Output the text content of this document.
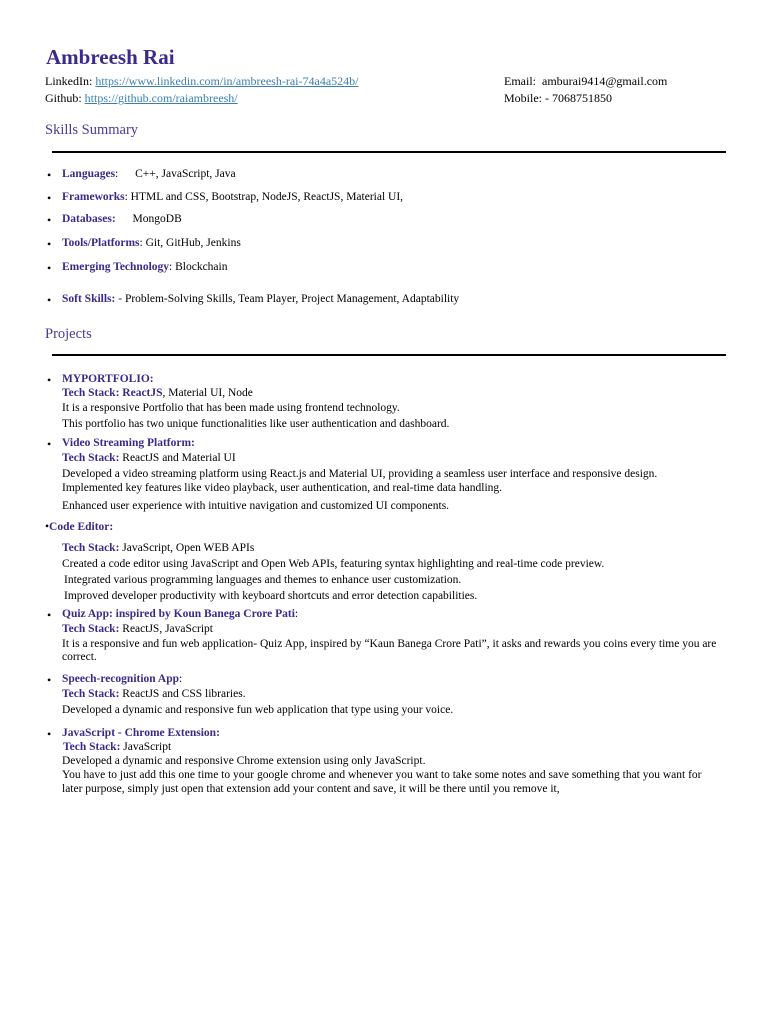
Ambreesh Rai
LinkedIn: https://www.linkedin.com/in/ambreesh-rai-74a4a524b/
Github: https://github.com/raiambreesh/
Email: amburai9414@gmail.com
Mobile: - 7068751850
Skills Summary
• Languages: C++, JavaScript, Java
• Frameworks: HTML and CSS, Bootstrap, NodeJS, ReactJS, Material UI,
• Databases: MongoDB
• Tools/Platforms: Git, GitHub, Jenkins
• Emerging Technology: Blockchain
• Soft Skills: - Problem-Solving Skills, Team Player, Project Management, Adaptability
Projects
• MYPORTFOLIO:
Tech Stack: ReactJS, Material UI, Node
It is a responsive Portfolio that has been made using frontend technology.
This portfolio has two unique functionalities like user authentication and dashboard.
• Video Streaming Platform:
Tech Stack: ReactJS and Material UI
Developed a video streaming platform using React.js and Material UI, providing a seamless user interface and responsive design.
Implemented key features like video playback, user authentication, and real-time data handling.
Enhanced user experience with intuitive navigation and customized UI components.
•Code Editor:
Tech Stack: JavaScript, Open WEB APIs
Created a code editor using JavaScript and Open Web APIs, featuring syntax highlighting and real-time code preview.
Integrated various programming languages and themes to enhance user customization.
Improved developer productivity with keyboard shortcuts and error detection capabilities.
• Quiz App: inspired by Koun Banega Crore Pati:
Tech Stack: ReactJS, JavaScript
It is a responsive and fun web application- Quiz App, inspired by “Kaun Banega Crore Pati”, it asks and rewards you coins every time you are
correct.
• Speech-recognition App:
Tech Stack: ReactJS and CSS libraries.
Developed a dynamic and responsive fun web application that type using your voice.
• JavaScript - Chrome Extension:
Tech Stack: JavaScript
Developed a dynamic and responsive Chrome extension using only JavaScript.
You have to just add this one time to your google chrome and whenever you want to take some notes and save something that you want for
later purpose, simply just open that extension add your content and save, it will be there until you remove it,
